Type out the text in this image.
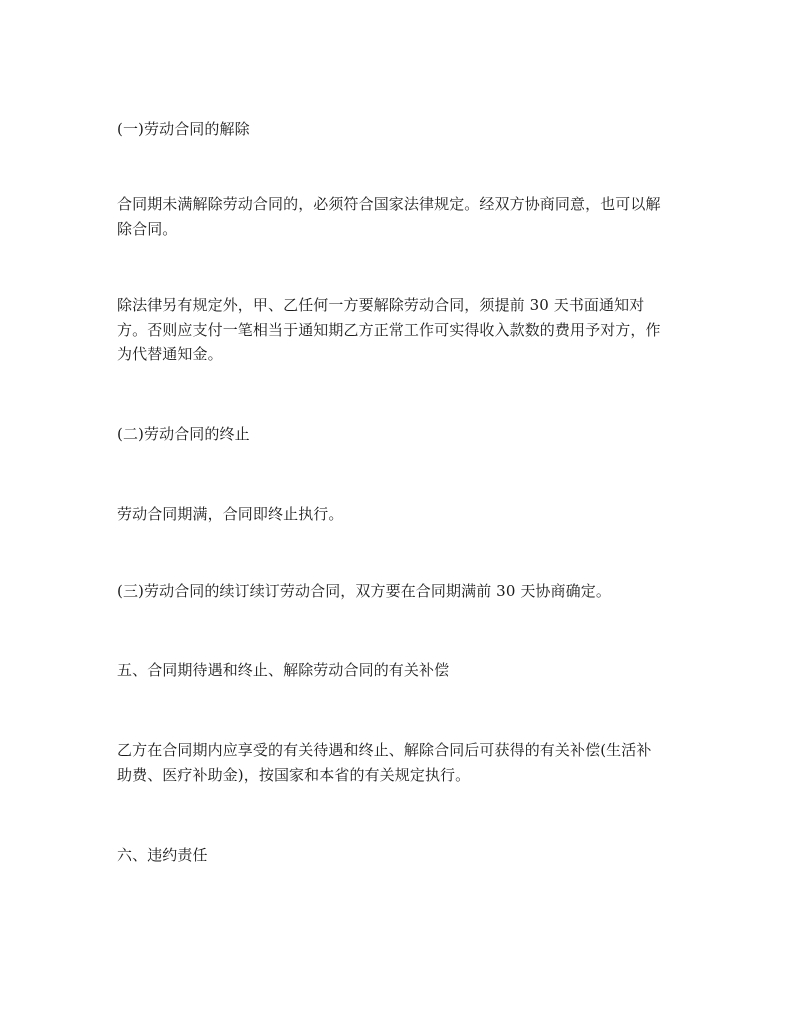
(一)劳动合同的解除

合同期未满解除劳动合同的，必须符合国家法律规定。经双方协商同意，也可以解
除合同。

除法律另有规定外，甲、乙任何一方要解除劳动合同，须提前 30 天书面通知对
方。否则应支付一笔相当于通知期乙方正常工作可实得收入款数的费用予对方，作
为代替通知金。

(二)劳动合同的终止

劳动合同期满，合同即终止执行。

(三)劳动合同的续订续订劳动合同，双方要在合同期满前 30 天协商确定。

五、合同期待遇和终止、解除劳动合同的有关补偿

乙方在合同期内应享受的有关待遇和终止、解除合同后可获得的有关补偿(生活补
助费、医疗补助金)，按国家和本省的有关规定执行。

六、违约责任
